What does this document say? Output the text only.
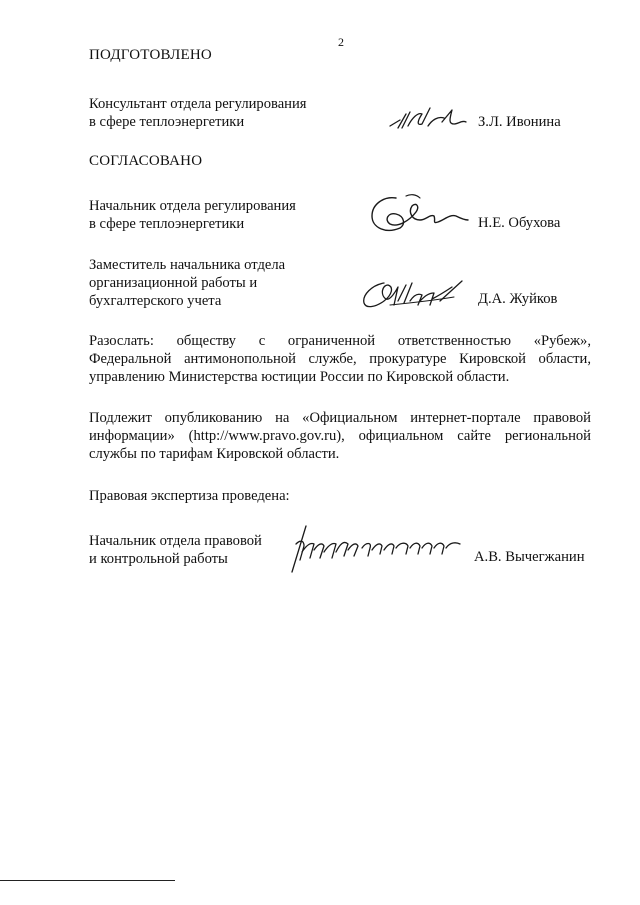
2
ПОДГОТОВЛЕНО
Консультант отдела регулирования
в сфере теплоэнергетики	З.Л. Ивонина
СОГЛАСОВАНО
Начальник отдела регулирования
в сфере теплоэнергетики	Н.Е. Обухова
Заместитель начальника отдела
организационной работы и
бухгалтерского учета	Д.А. Жуйков
Разослать: обществу с ограниченной ответственностью «Рубеж»,
Федеральной антимонопольной службе, прокуратуре Кировской области,
управлению Министерства юстиции России по Кировской области.
Подлежит опубликованию на «Официальном интернет-портале правовой
информации» (http://www.pravo.gov.ru), официальном сайте региональной
службы по тарифам Кировской области.
Правовая экспертиза проведена:
Начальник отдела правовой
и контрольной работы	А.В. Вычегжанин
